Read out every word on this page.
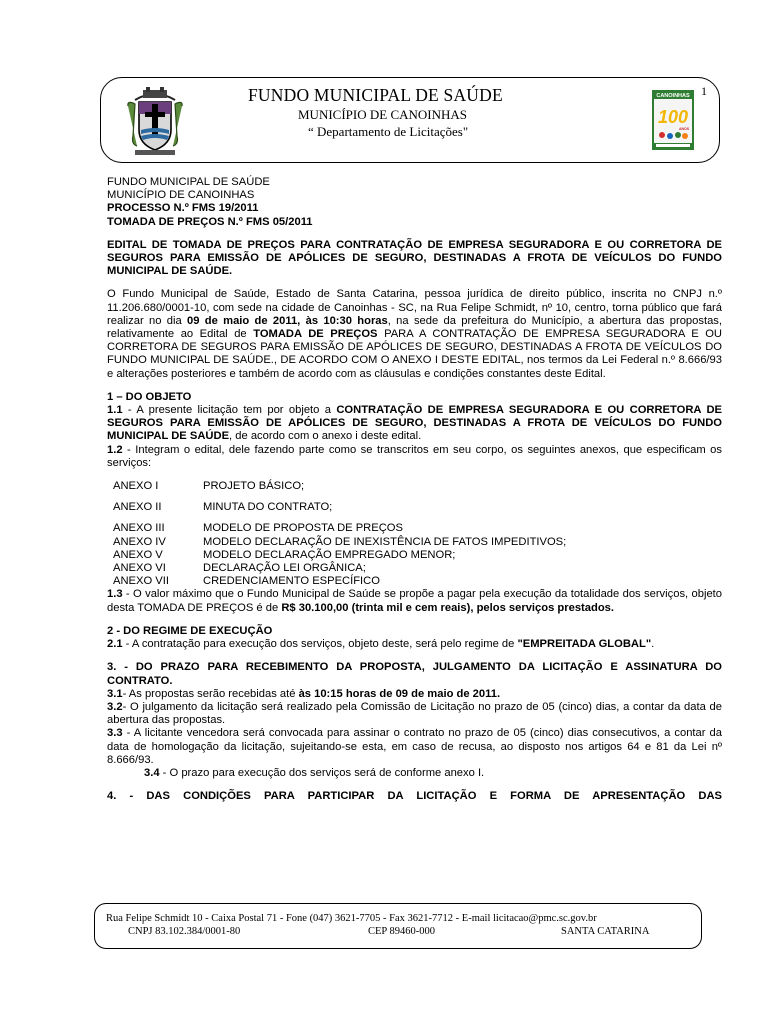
1
FUNDO MUNICIPAL DE SAÚDE
MUNICÍPIO DE CANOINHAS
“ Departamento de Licitações"
CANOINHAS
100
ANOS

FUNDO MUNICIPAL DE SAÚDE

MUNICÍPIO DE CANOINHAS

PROCESSO N.º FMS 19/2011

TOMADA DE PREÇOS N.º FMS 05/2011

EDITAL DE TOMADA DE PREÇOS PARA CONTRATAÇÃO DE EMPRESA SEGURADORA E OU CORRETORA DE SEGUROS PARA EMISSÃO DE APÓLICES DE SEGURO, DESTINADAS A FROTA DE VEÍCULOS DO FUNDO MUNICIPAL DE SAÚDE.

O Fundo Municipal de Saúde, Estado de Santa Catarina, pessoa jurídica de direito público, inscrita no CNPJ n.º 11.206.680/0001-10, com sede na cidade de Canoinhas - SC, na Rua Felipe Schmidt, nº 10, centro, torna público que fará realizar no dia 09 de maio de 2011, às 10:30 horas, na sede da prefeitura do Município, a abertura das propostas, relativamente ao Edital de TOMADA DE PREÇOS PARA A CONTRATAÇÃO DE EMPRESA SEGURADORA E OU CORRETORA DE SEGUROS PARA EMISSÃO DE APÓLICES DE SEGURO, DESTINADAS A FROTA DE VEÍCULOS DO FUNDO MUNICIPAL DE SAÚDE., DE ACORDO COM O ANEXO I DESTE EDITAL, nos termos da Lei Federal n.º 8.666/93 e alterações posteriores e também de acordo com as cláusulas e condições constantes deste Edital.

1 – DO OBJETO

1.1 - A presente licitação tem por objeto a CONTRATAÇÃO DE EMPRESA SEGURADORA E OU CORRETORA DE SEGUROS PARA EMISSÃO DE APÓLICES DE SEGURO, DESTINADAS A FROTA DE VEÍCULOS DO FUNDO MUNICIPAL DE SAÚDE, de acordo com o anexo i deste edital.

1.2 - Integram o edital, dele fazendo parte como se transcritos em seu corpo, os seguintes anexos, que especificam os serviços:

ANEXO I	PROJETO BÁSICO;
ANEXO II	MINUTA DO CONTRATO;
ANEXO III	MODELO DE PROPOSTA DE PREÇOS
ANEXO IV	MODELO DECLARAÇÃO DE INEXISTÊNCIA DE FATOS IMPEDITIVOS;
ANEXO V	MODELO DECLARAÇÃO EMPREGADO MENOR;
ANEXO VI	DECLARAÇÃO LEI ORGÂNICA;
ANEXO VII	CREDENCIAMENTO ESPECÍFICO

1.3 - O valor máximo que o Fundo Municipal de Saúde se propõe a pagar pela execução da totalidade dos serviços, objeto desta TOMADA DE PREÇOS é de R$ 30.100,00 (trinta mil e cem reais), pelos serviços prestados.

2 - DO REGIME DE EXECUÇÃO

2.1 - A contratação para execução dos serviços, objeto deste, será pelo regime de "EMPREITADA GLOBAL".

3. - DO PRAZO PARA RECEBIMENTO DA PROPOSTA, JULGAMENTO DA LICITAÇÃO E ASSINATURA DO CONTRATO.

3.1- As propostas serão recebidas até às 10:15 horas de 09 de maio de 2011.

3.2- O julgamento da licitação será realizado pela Comissão de Licitação no prazo de 05 (cinco) dias, a contar da data de abertura das propostas.

3.3 - A licitante vencedora será convocada para assinar o contrato no prazo de 05 (cinco) dias consecutivos, a contar da data de homologação da licitação, sujeitando-se esta, em caso de recusa, ao disposto nos artigos 64 e 81 da Lei nº 8.666/93.

3.4 - O prazo para execução dos serviços será de conforme anexo I.

4. - DAS CONDIÇÕES PARA PARTICIPAR DA LICITAÇÃO E FORMA DE APRESENTAÇÃO DAS

Rua Felipe Schmidt 10 - Caixa Postal 71 - Fone (047) 3621-7705 - Fax 3621-7712 - E-mail licitacao@pmc.sc.gov.br
CNPJ 83.102.384/0001-80	CEP 89460-000	SANTA CATARINA
